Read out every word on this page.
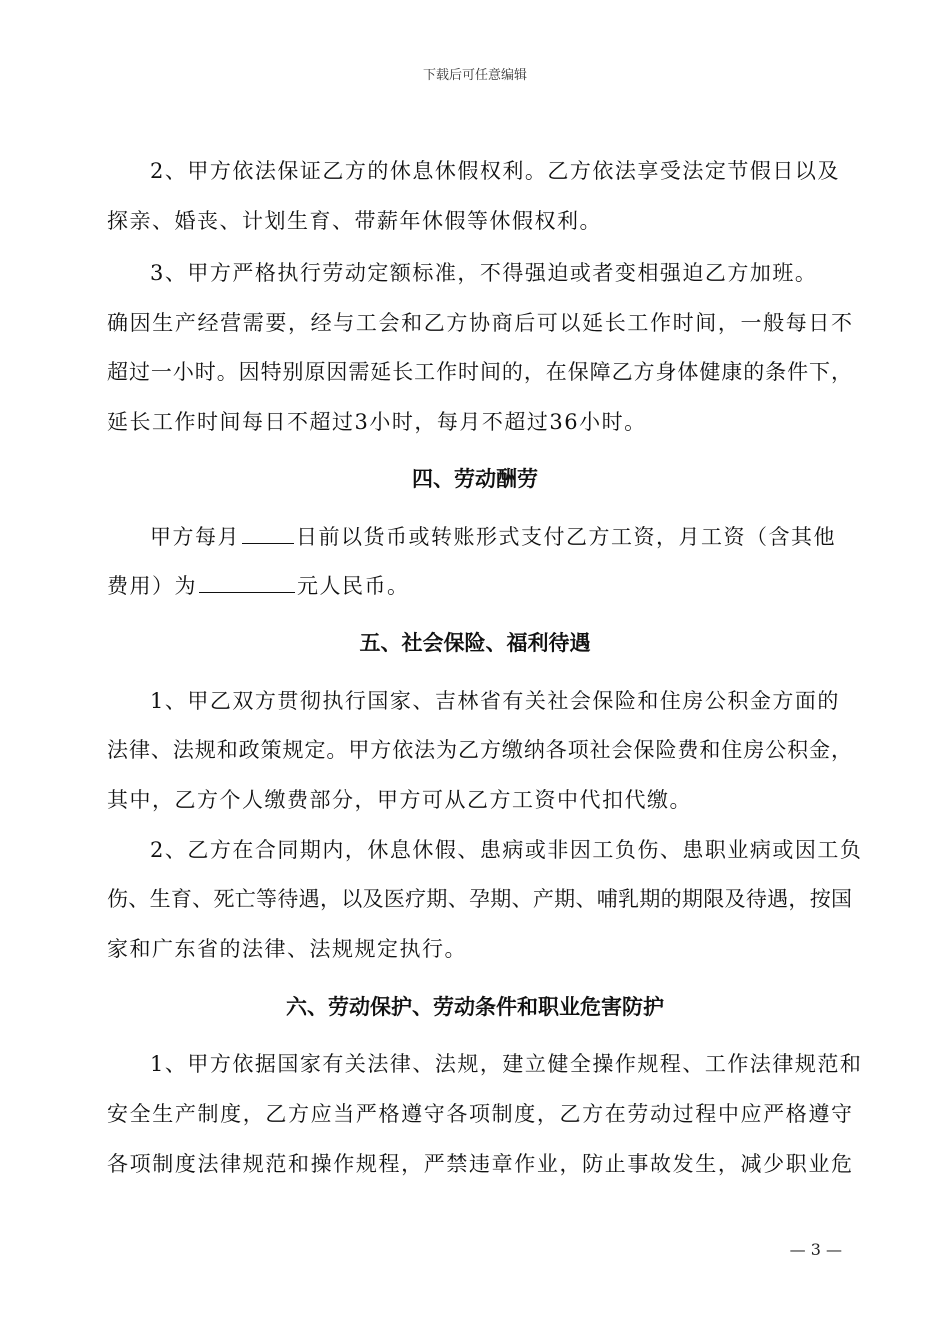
下载后可任意编辑
2、甲方依法保证乙方的休息休假权利。乙方依法享受法定节假日以及
探亲、婚丧、计划生育、带薪年休假等休假权利。
3、甲方严格执行劳动定额标准，不得强迫或者变相强迫乙方加班。
确因生产经营需要，经与工会和乙方协商后可以延长工作时间，一般每日不
超过一小时。因特别原因需延长工作时间的，在保障乙方身体健康的条件下，
延长工作时间每日不超过3小时，每月不超过36小时。
四、劳动酬劳
甲方每月	日前以货币或转账形式支付乙方工资，月工资（含其他
费用）为	元人民币。
五、社会保险、福利待遇
1、甲乙双方贯彻执行国家、吉林省有关社会保险和住房公积金方面的
法律、法规和政策规定。甲方依法为乙方缴纳各项社会保险费和住房公积金，
其中，乙方个人缴费部分，甲方可从乙方工资中代扣代缴。
2、乙方在合同期内，休息休假、患病或非因工负伤、患职业病或因工负
伤、生育、死亡等待遇，以及医疗期、孕期、产期、哺乳期的期限及待遇，按国
家和广东省的法律、法规规定执行。
六、劳动保护、劳动条件和职业危害防护
1、甲方依据国家有关法律、法规，建立健全操作规程、工作法律规范和
安全生产制度，乙方应当严格遵守各项制度，乙方在劳动过程中应严格遵守
各项制度法律规范和操作规程，严禁违章作业，防止事故发生，减少职业危
— 3 —
